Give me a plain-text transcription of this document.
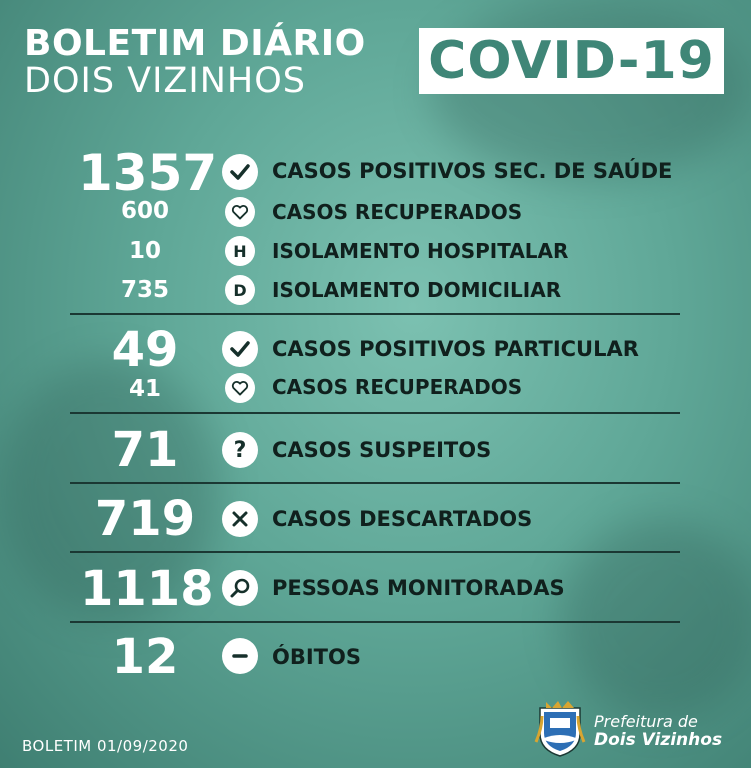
BOLETIM DIÁRIO
DOIS VIZINHOS COVID-19
1357	CASOS POSITIVOS SEC. DE SAÚDE
600	CASOS RECUPERADOS
10	H	ISOLAMENTO HOSPITALAR
735	D	ISOLAMENTO DOMICILIAR
49	CASOS POSITIVOS PARTICULAR
41	CASOS RECUPERADOS
71	?	CASOS SUSPEITOS
719	CASOS DESCARTADOS
1118	PESSOAS MONITORADAS
12	ÓBITOS
BOLETIM 01/09/2020
Prefeitura de
Dois Vizinhos
